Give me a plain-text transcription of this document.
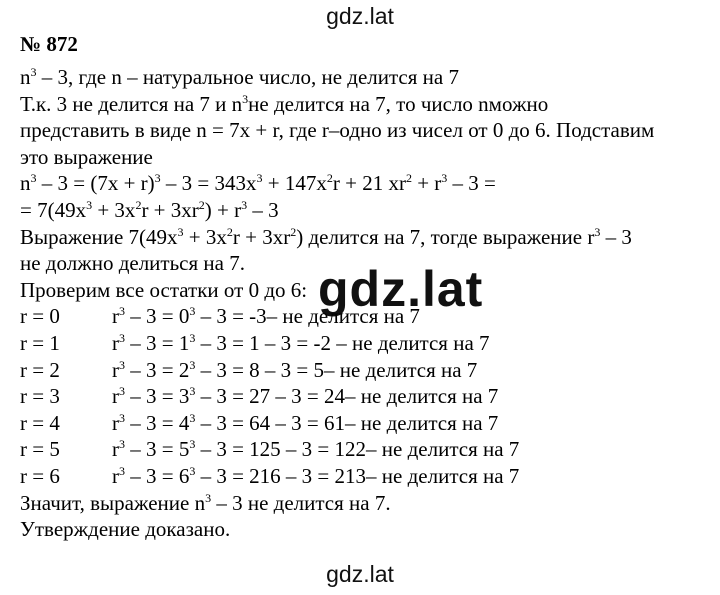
gdz.lat
gdz.lat
gdz.lat
№ 872
$n^3 - 3$, где n – натуральное число, не делится на 7
Т.к. 3 не делится на 7 и $n^3не$ делится на 7, то число nможно
представить в виде n = 7x + r, где r–одно из чисел от 0 до 6. Подставим
это выражение
$n^3 - 3 = (7x + r)^3 - 3 = 343x^3 + 147x^2r + 21$ $xr^2 + r^3 - 3$ =
= $7(49x^3 + 3x^2r + 3xr^2) + r^3 - 3$
Выражение $7(49x^3 + 3x^2r + 3xr^2)$ делится на 7, тогде выражение $r^3 - 3$
не должно делиться на 7.
Проверим все остатки от 0 до 6:
r = 0	$r^3 - 3 = 0^3 - 3 = -3-$ не делится на 7
r = 1	$r^3 - 3 = 1^3 - 3 = 1 - 3 = -2$ – не делится на 7
r = 2	$r^3 - 3 = 2^3 - 3 = 8 - 3 = 5-$ не делится на 7
r = 3	$r^3 - 3 = 3^3 - 3 = 27 - 3 = 24-$ не делится на 7
r = 4	$r^3 - 3 = 4^3 - 3 = 64 - 3 = 61-$ не делится на 7
r = 5	$r^3 - 3 = 5^3 - 3 = 125 - 3 = 122-$ не делится на 7
r = 6	$r^3 - 3 = 6^3 - 3 = 216 - 3 = 213-$ не делится на 7
Значит, выражение $n^3 - 3$ не делится на 7.
Утверждение доказано.
